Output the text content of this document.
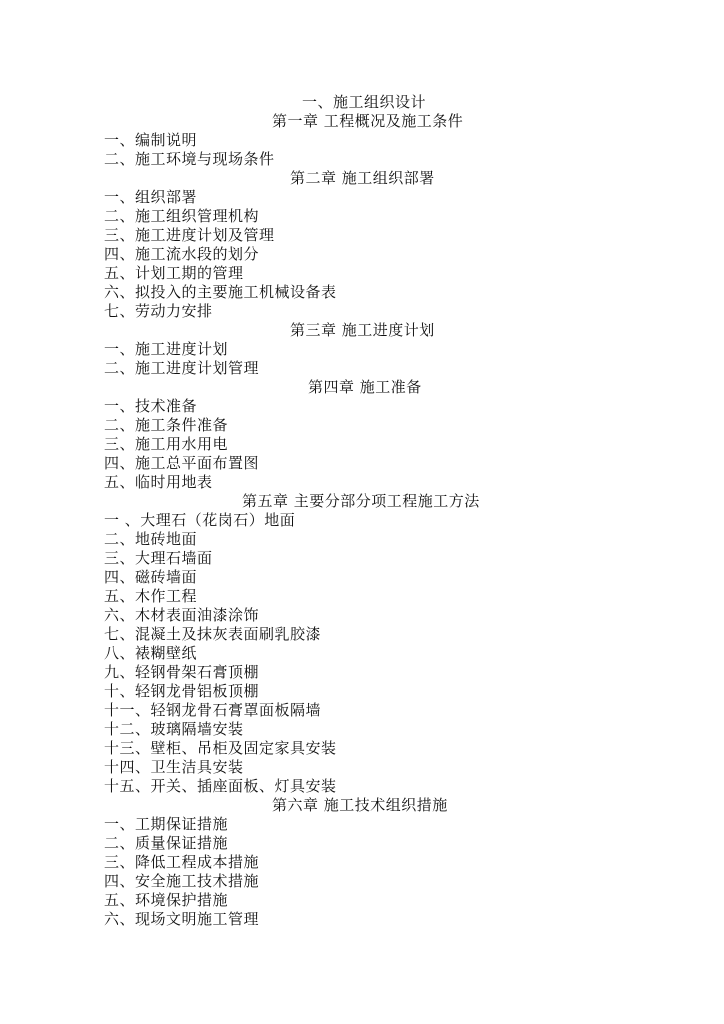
一、施工组织设计
第一章 工程概况及施工条件
一、编制说明
二、施工环境与现场条件
第二章 施工组织部署
一、组织部署
二、施工组织管理机构
三、施工进度计划及管理
四、施工流水段的划分
五、计划工期的管理
六、拟投入的主要施工机械设备表
七、劳动力安排
第三章 施工进度计划
一、施工进度计划
二、施工进度计划管理
第四章 施工准备
一、技术准备
二、施工条件准备
三、施工用水用电
四、施工总平面布置图
五、临时用地表
第五章 主要分部分项工程施工方法
一 、大理石（花岗石）地面
二、地砖地面
三、大理石墙面
四、磁砖墙面
五、木作工程
六、木材表面油漆涂饰
七、混凝土及抹灰表面刷乳胶漆
八、裱糊壁纸
九、轻钢骨架石膏顶棚
十、轻钢龙骨铝板顶棚
十一、轻钢龙骨石膏罩面板隔墙
十二、玻璃隔墙安装
十三、壁柜、吊柜及固定家具安装
十四、卫生洁具安装
十五、开关、插座面板、灯具安装
第六章 施工技术组织措施
一、工期保证措施
二、质量保证措施
三、降低工程成本措施
四、安全施工技术措施
五、环境保护措施
六、现场文明施工管理
